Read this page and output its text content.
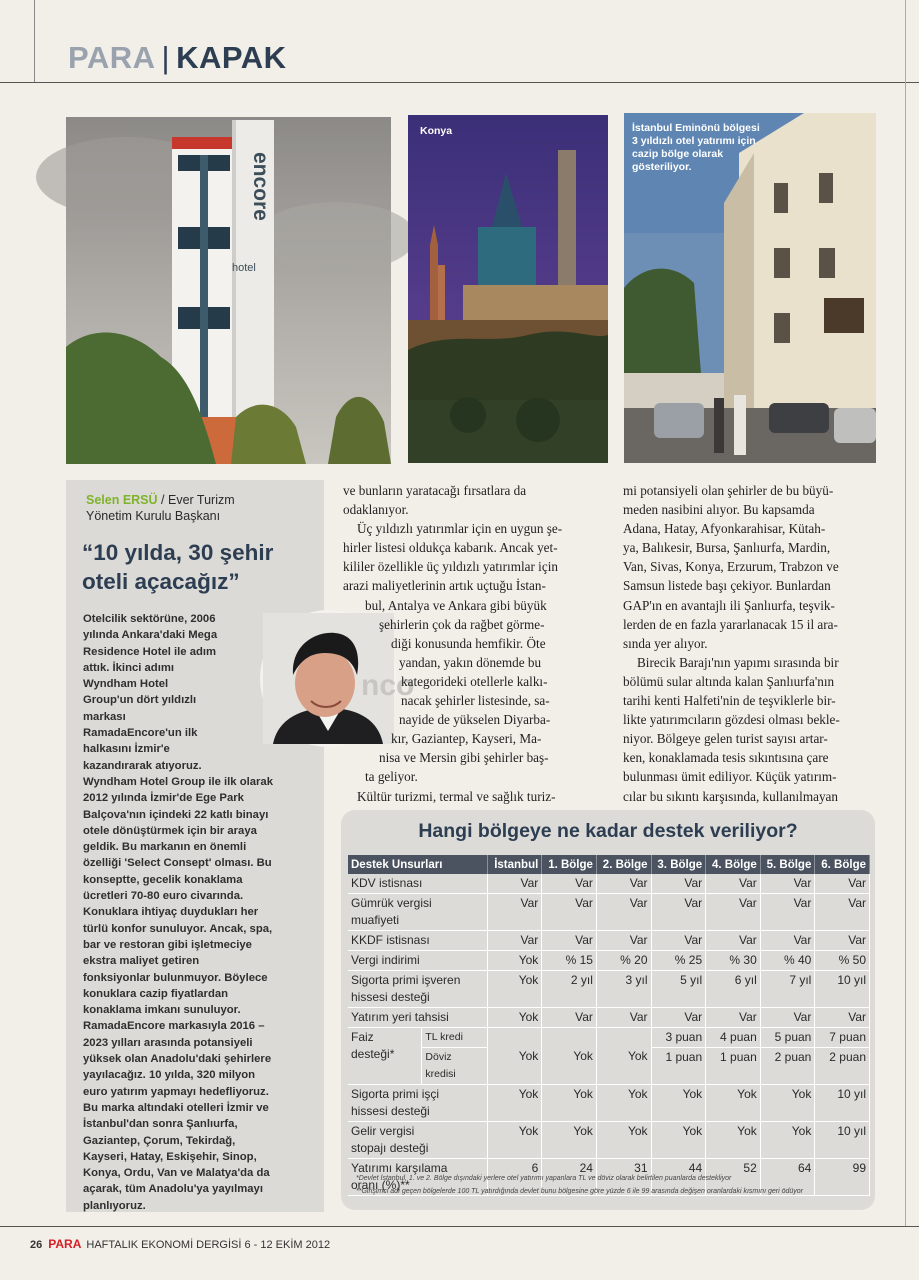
PARA | KAPAK
encore
hotel
Konya	İstanbul Eminönü bölgesi
3 yıldızlı otel yatırımı için
cazip bölge olarak
gösteriliyor.
Selen ERSÜ / Ever Turizm
Yönetim Kurulu Başkanı
“10 yılda, 30 şehir
oteli açacağız”
Otelcilik sektörüne, 2006
yılında Ankara'daki Mega
Residence Hotel ile adım
attık. İkinci adımı
Wyndham Hotel
Group'un dört yıldızlı
markası
RamadaEncore'un ilk
halkasını İzmir'e
kazandırarak atıyoruz.
Wyndham Hotel Group ile ilk olarak
2012 yılında İzmir'de Ege Park
Balçova'nın içindeki 22 katlı binayı
otele dönüştürmek için bir araya
geldik. Bu markanın en önemli
özelliği 'Select Consept' olması. Bu
konseptte, gecelik konaklama
ücretleri 70-80 euro civarında.
Konuklara ihtiyaç duydukları her
türlü konfor sunuluyor. Ancak, spa,
bar ve restoran gibi işletmeciye
ekstra maliyet getiren
fonksiyonlar bulunmuyor. Böylece
konuklara cazip fiyatlardan
konaklama imkanı sunuluyor.
RamadaEncore markasıyla 2016 –
2023 yılları arasında potansiyeli
yüksek olan Anadolu'daki şehirlere
yayılacağız. 10 yılda, 320 milyon
euro yatırım yapmayı hedefliyoruz.
Bu marka altındaki otelleri İzmir ve
İstanbul'dan sonra Şanlıurfa,
Gaziantep, Çorum, Tekirdağ,
Kayseri, Hatay, Eskişehir, Sinop,
Konya, Ordu, Van ve Malatya'da da
açarak, tüm Anadolu'ya yayılmayı
planlıyoruz.
nco
ve bunların yaratacağı fırsatlara da
odaklanıyor.
Üç yıldızlı yatırımlar için en uygun şe-
hirler listesi oldukça kabarık. Ancak yet-
kililer özellikle üç yıldızlı yatırımlar için
arazi maliyetlerinin artık uçtuğu İstan-
bul, Antalya ve Ankara gibi büyük
şehirlerin çok da rağbet görme-
diği konusunda hemfikir. Öte
yandan, yakın dönemde bu
kategorideki otellerle kalkı-
nacak şehirler listesinde, sa-
nayide de yükselen Diyarba-
kır, Gaziantep, Kayseri, Ma-
nisa ve Mersin gibi şehirler baş-
ta geliyor.
Kültür turizmi, termal ve sağlık turiz-
mi potansiyeli olan şehirler de bu büyü-
meden nasibini alıyor. Bu kapsamda
Adana, Hatay, Afyonkarahisar, Kütah-
ya, Balıkesir, Bursa, Şanlıurfa, Mardin,
Van, Sivas, Konya, Erzurum, Trabzon ve
Samsun listede başı çekiyor. Bunlardan
GAP'ın en avantajlı ili Şanlıurfa, teşvik-
lerden de en fazla yararlanacak 15 il ara-
sında yer alıyor.
Birecik Barajı'nın yapımı sırasında bir
bölümü sular altında kalan Şanlıurfa'nın
tarihi kenti Halfeti'nin de teşviklerle bir-
likte yatırımcıların gözdesi olması bekle-
niyor. Bölgeye gelen turist sayısı artar-
ken, konaklamada tesis sıkıntısına çare
bulunması ümit ediliyor. Küçük yatırım-
cılar bu sıkıntı karşısında, kullanılmayan
Hangi bölgeye ne kadar destek veriliyor?
Destek Unsurları		İstanbul	1. Bölge	2. Bölge	3. Bölge	4. Bölge	5. Bölge	6. Bölge

KDV istisnası		Var	Var	Var	Var	Var	Var	Var

Gümrük vergisi
muafiyeti		Var	Var	Var	Var	Var	Var	Var

KKDF istisnası		Var	Var	Var	Var	Var	Var	Var

Vergi indirimi		Yok	% 15	% 20	% 25	% 30	% 40	% 50

Sigorta primi işveren
hissesi desteği		Yok	2 yıl	3 yıl	5 yıl	6 yıl	7 yıl	10 yıl

Yatırım yeri tahsisi		Yok	Var	Var	Var	Var	Var	Var

Faiz
desteği*	TL kredi	Yok	Yok	Yok	3 puan	4 puan	5 puan	7 puan
	Döviz kredisi				1 puan	1 puan	2 puan	2 puan

Sigorta primi işçi
hissesi desteği		Yok	Yok	Yok	Yok	Yok	Yok	10 yıl

Gelir vergisi
stopajı desteği		Yok	Yok	Yok	Yok	Yok	Yok	10 yıl

Yatırımı karşılama
oranı (%)**		6	24	31	44	52	64	99
*Devlet İstanbul, 1. ve 2. Bölge dışındaki yerlere otel yatırımı yapanlara TL ve döviz olarak belirtilen puanlarda destekliyor
**Girişimci adı geçen bölgelerde 100 TL yatırdığında devlet bunu bölgesine göre yüzde 6 ile 99 arasında değişen oranlardaki kısmını geri ödüyor
26 PARA HAFTALIK EKONOMİ DERGİSİ 6 - 12 EKİM 2012
